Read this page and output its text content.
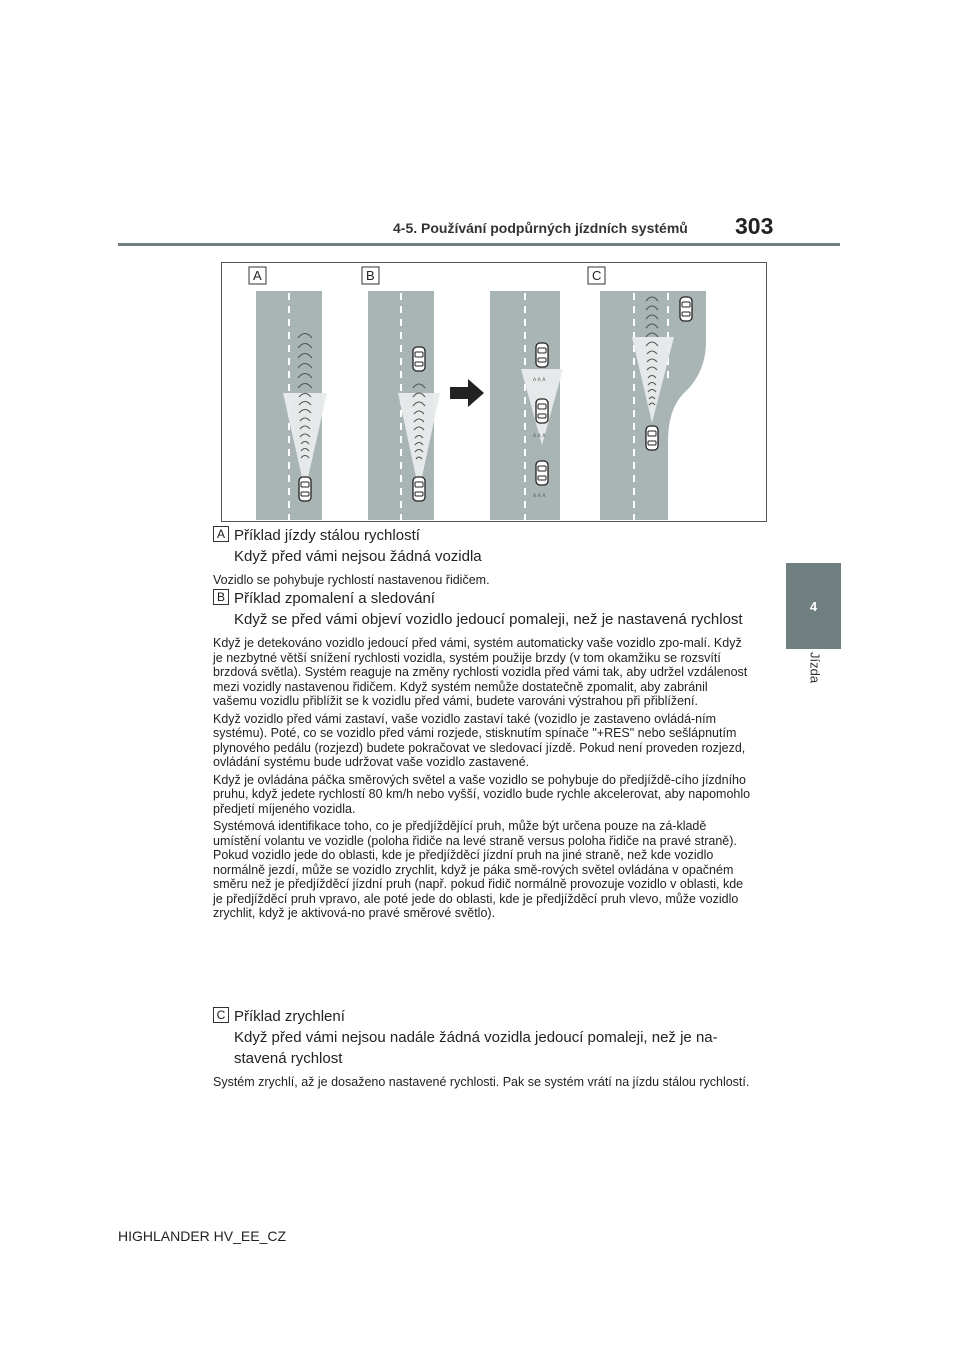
4-5. Používání podpůrných jízdních systémů 303
4
Jízda
ʌ ʌ ʌ
ʌ ʌ ʌ
ʌ ʌ ʌ
A	B	C
A Příklad jízdy stálou rychlostí
Když před vámi nejsou žádná vozidla

Vozidlo se pohybuje rychlostí nastavenou řidičem.

B Příklad zpomalení a sledování
Když se před vámi objeví vozidlo jedoucí pomaleji, než je nastavená rychlost

Když je detekováno vozidlo jedoucí před vámi, systém automaticky vaše vozidlo zpo-malí. Když je nezbytné větší snížení rychlosti vozidla, systém použije brzdy (v tom okamžiku se rozsvítí brzdová světla). Systém reaguje na změny rychlosti vozidla před vámi tak, aby udržel vzdálenost mezi vozidly nastavenou řidičem. Když systém nemůže dostatečně zpomalit, aby zabránil vašemu vozidlu přiblížit se k vozidlu před vámi, budete varováni výstrahou při přiblížení.

Když vozidlo před vámi zastaví, vaše vozidlo zastaví také (vozidlo je zastaveno ovládá-ním systému). Poté, co se vozidlo před vámi rozjede, stisknutím spínače "+RES" nebo sešlápnutím plynového pedálu (rozjezd) budete pokračovat ve sledovací jízdě. Pokud není proveden rozjezd, ovládání systému bude udržovat vaše vozidlo zastavené.

Když je ovládána páčka směrových světel a vaše vozidlo se pohybuje do předjíždě-cího jízdního pruhu, když jedete rychlostí 80 km/h nebo vyšší, vozidlo bude rychle akcelerovat, aby napomohlo předjetí míjeného vozidla.

Systémová identifikace toho, co je předjíždějící pruh, může být určena pouze na zá-kladě umístění volantu ve vozidle (poloha řidiče na levé straně versus poloha řidiče na pravé straně). Pokud vozidlo jede do oblasti, kde je předjížděcí jízdní pruh na jiné straně, než kde vozidlo normálně jezdí, může se vozidlo zrychlit, když je páka smě-rových světel ovládána v opačném směru než je předjížděcí jízdní pruh (např. pokud řidič normálně provozuje vozidlo v oblasti, kde je předjížděcí pruh vpravo, ale poté jede do oblasti, kde je předjížděcí pruh vlevo, může vozidlo zrychlit, když je aktivová-no pravé směrové světlo).

C Příklad zrychlení
Když před vámi nejsou nadále žádná vozidla jedoucí pomaleji, než je na-stavená rychlost

Systém zrychlí, až je dosaženo nastavené rychlosti. Pak se systém vrátí na jízdu stálou rychlostí.

HIGHLANDER HV_EE_CZ
